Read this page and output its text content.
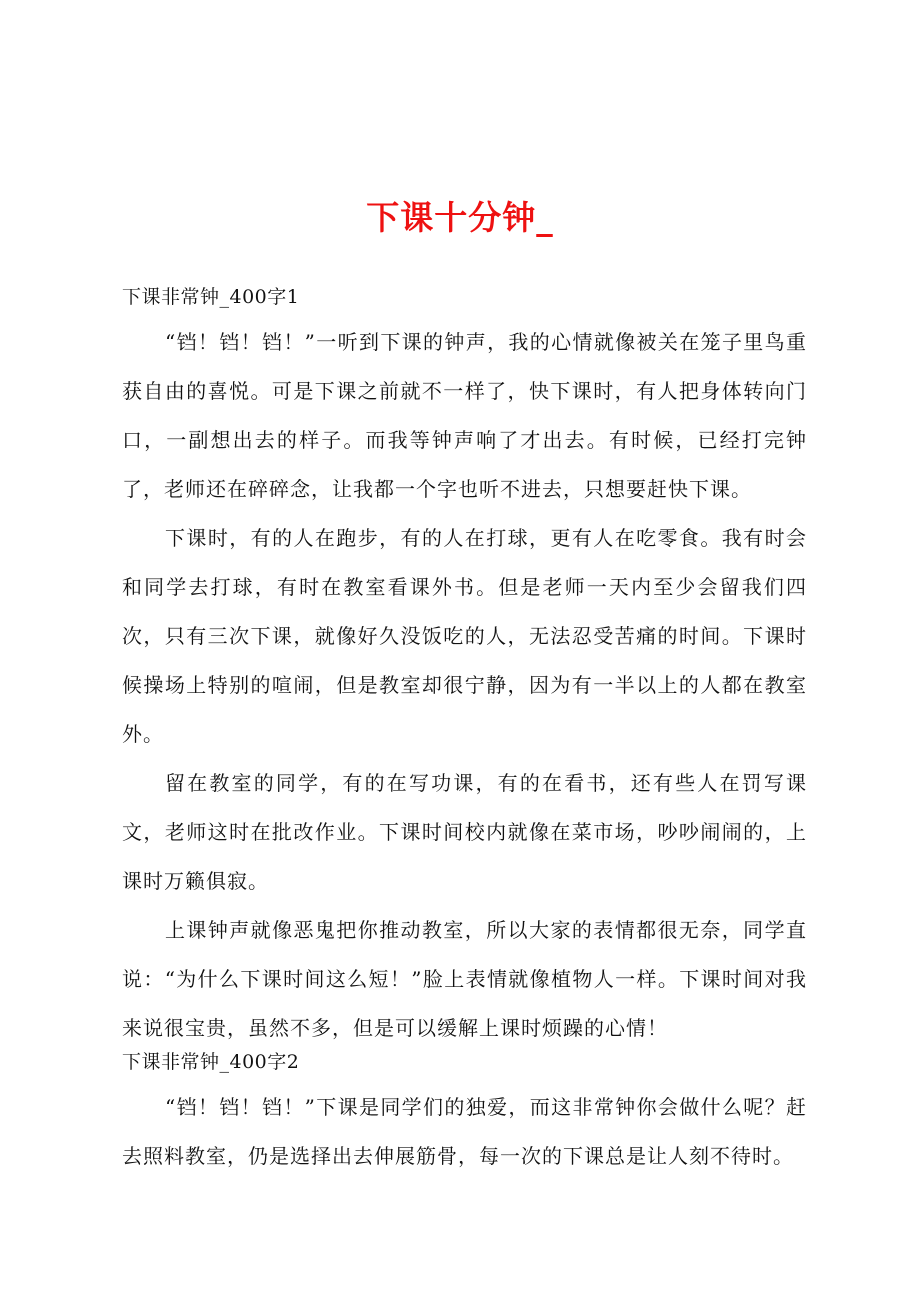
下课十分钟_
下课非常钟_400字1

“铛！铛！铛！”一听到下课的钟声，我的心情就像被关在笼子里鸟重获自由的喜悦。可是下课之前就不一样了，快下课时，有人把身体转向门口，一副想出去的样子。而我等钟声响了才出去。有时候，已经打完钟了，老师还在碎碎念，让我都一个字也听不进去，只想要赶快下课。

下课时，有的人在跑步，有的人在打球，更有人在吃零食。我有时会和同学去打球，有时在教室看课外书。但是老师一天内至少会留我们四次，只有三次下课，就像好久没饭吃的人，无法忍受苦痛的时间。下课时候操场上特别的喧闹，但是教室却很宁静，因为有一半以上的人都在教室外。

留在教室的同学，有的在写功课，有的在看书，还有些人在罚写课文，老师这时在批改作业。下课时间校内就像在菜市场，吵吵闹闹的，上课时万籁俱寂。

上课钟声就像恶鬼把你推动教室，所以大家的表情都很无奈，同学直说：“为什么下课时间这么短！”脸上表情就像植物人一样。下课时间对我来说很宝贵，虽然不多，但是可以缓解上课时烦躁的心情！

下课非常钟_400字2

“铛！铛！铛！”下课是同学们的独爱，而这非常钟你会做什么呢？赶去照料教室，仍是选择出去伸展筋骨，每一次的下课总是让人刻不待时。
